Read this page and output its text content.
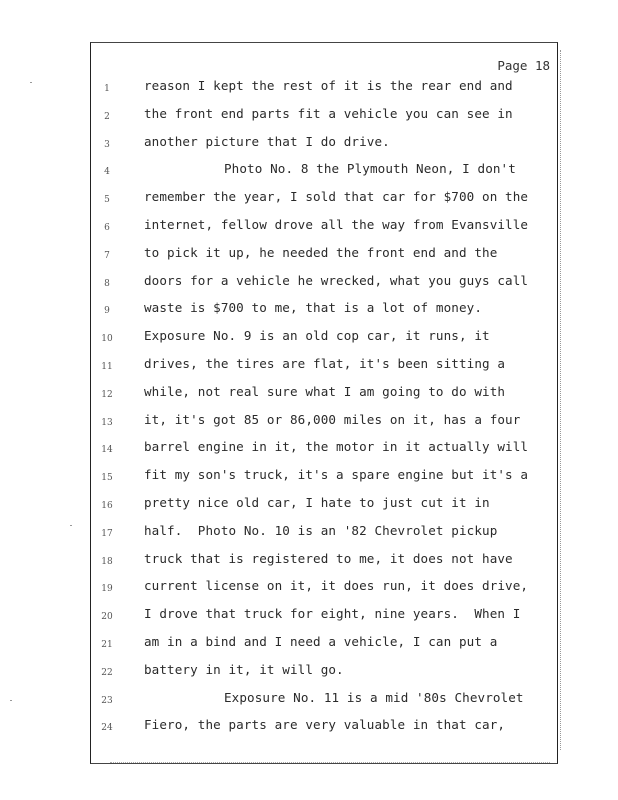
Page 18
1	reason I kept the rest of it is the rear end and
2	the front end parts fit a vehicle you can see in
3	another picture that I do drive.
4	Photo No. 8 the Plymouth Neon, I don't
5	remember the year, I sold that car for $700 on the
6	internet, fellow drove all the way from Evansville
7	to pick it up, he needed the front end and the
8	doors for a vehicle he wrecked, what you guys call
9	waste is $700 to me, that is a lot of money.
10	Exposure No. 9 is an old cop car, it runs, it
11	drives, the tires are flat, it's been sitting a
12	while, not real sure what I am going to do with
13	it, it's got 85 or 86,000 miles on it, has a four
14	barrel engine in it, the motor in it actually will
15	fit my son's truck, it's a spare engine but it's a
16	pretty nice old car, I hate to just cut it in
17	half.  Photo No. 10 is an '82 Chevrolet pickup
18	truck that is registered to me, it does not have
19	current license on it, it does run, it does drive,
20	I drove that truck for eight, nine years.  When I
21	am in a bind and I need a vehicle, I can put a
22	battery in it, it will go.
23	Exposure No. 11 is a mid '80s Chevrolet
24	Fiero, the parts are very valuable in that car,
